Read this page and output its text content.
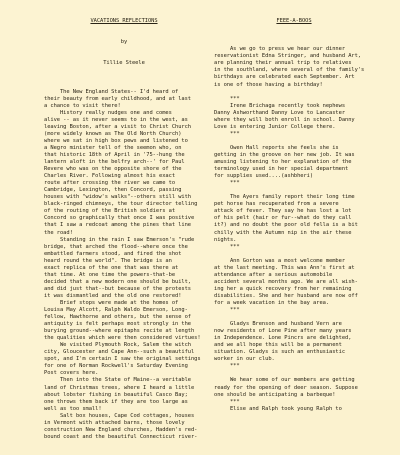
VACATIONS REFLECTIONS

by

Tillie Steele

The New England States-- I'd heard of
their beauty from early childhood, and at last
a chance to visit there!
History really nudges one and comes
alive -- as it never seems to in the west, as
leaving Boston, after a visit to Christ Church
(more widely known as The Old North Church)
where we sat in high box pews and listened to
a Negro minister tell of the seemon who, on
that historic 18th of April in '75--hung the
lantern aloft in the belfry arch--' for Paul
Revere who was on the opposite shore of the
Charles River. Following almost his exact
route after crossing the river we came to
Cambridge, Lexington, then Concord, passing
houses with "widow's walks"--others still with
black-ringed chimneys, the tour director telling
of the routing of the British soldiers at
Concord so graphically that once I was positive
that I saw a redcoat among the pines that line
the road!
Standing in the rain I saw Emerson's "rude
bridge, that arched the flood--where once the
embattled farmers stood, and fired the shot
heard round the world". The bridge is an
exact replica of the one that was there at
that time. At one time the powers-that-be
decided that a new modern one should be built,
and did just that--but because of the protests
it was dismantled and the old one restored!
Brief stops were made at the homes of
Louisa May Alcott, Ralph Waldo Emerson, Long-
fellow, Hawthorne and others, but the sense of
antiquity is felt perhaps most strongly in the
burying ground--where epitaphs recite at length
the qualities which were then considered virtues!
We visited Plymouth Rock, Salem the witch
city, Gloucester and Cape Ann--such a beautiful
spot, and I'm certain I saw the original settings
for one of Norman Rockwell's Saturday Evening
Post covers here.
Then into the State of Maine--a veritable
land of Christmas trees, where I heard a little
about lobster fishing in beautiful Casco Bay;
one throws them back if they are too large as
well as too small!
Salt box houses, Cape Cod cottages, houses
in Vermont with attached barns, those lovely
construction New England churches, Hadden's red-
bound coast and the beautiful Connecticut river-

FEEE-A-BOOS

As we go to press we hear our dinner
reservationist Edna Stringer, and husband Art,
are planning their annual trip to relatives
in the southland, where several of the family's
birthdays are celebrated each September. Art
is one of those having a birthday!
***
Irene Brichaga recently took nephews
Danny Ashworthand Danny Love to Lancaster
where they will both enroll in school. Danny
Love is entering Junior College there.
***
Owen Hall reports she feels she is
getting in the groove on her new job. It was
amusing listening to her explanation of the
terminology used in her special department
for supplies used....(ashbheri)
***
The Ayers family report their long time
pet horse has recuperated from a severe
attack of fever. They say he has lost a lot
of his pelt (hair or fur--what do they call
it?) and no doubt the poor old fella is a bit
chilly with the Autumn nip in the air these
nights.
***
Ann Gorton was a most welcome member
at the last meeting. This was Ann's first at
attendance after a serious automobile
accident several months ago. We are all wish-
ing her a quick recovery from her remaining
disabilities. She and her husband are now off
for a week vacation in the bay area.
***
Gladys Brenson and husband Vern are
now residents of Lone Pine after many years
in Independence. Lone Pincrs are delighted,
and we all hope this will be a permanent
situation. Gladys is such an enthusiastic
worker in our club.
***
We hear some of our members are getting
ready for the opening of deer season. Suppose
one should be anticipating a barbeque!
***
Elise and Ralph took young Ralph to
